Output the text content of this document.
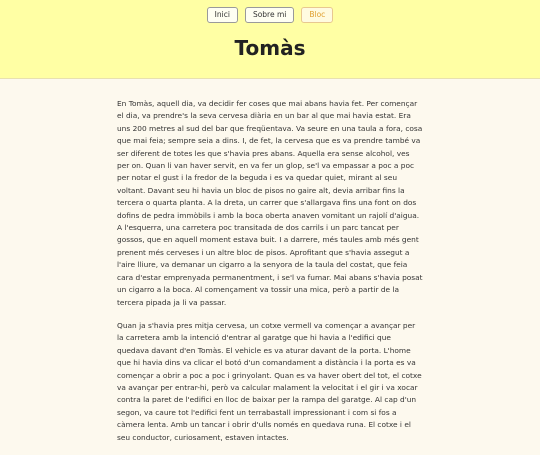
Inici	Sobre mi	Bloc
Tomàs

En Tomàs, aquell dia, va decidir fer coses que mai abans havia fet. Per començar el dia, va prendre's la seva cervesa diària en un bar al que mai havia estat. Era uns 200 metres al sud del bar que freqüentava. Va seure en una taula a fora, cosa que mai feia; sempre seia a dins. I, de fet, la cervesa que es va prendre també va ser diferent de totes les que s'havia pres abans. Aquella era sense alcohol, ves per on. Quan li van haver servit, en va fer un glop, se'l va empassar a poc a poc per notar el gust i la fredor de la beguda i es va quedar quiet, mirant al seu voltant. Davant seu hi havia un bloc de pisos no gaire alt, devia arribar fins la tercera o quarta planta. A la dreta, un carrer que s'allargava fins una font on dos dofins de pedra immòbils i amb la boca oberta anaven vomitant un rajolí d'aigua. A l'esquerra, una carretera poc transitada de dos carrils i un parc tancat per gossos, que en aquell moment estava buit. I a darrere, més taules amb més gent prenent més cerveses i un altre bloc de pisos. Aprofitant que s'havia assegut a l'aire lliure, va demanar un cigarro a la senyora de la taula del costat, que feia cara d'estar emprenyada permanentment, i se'l va fumar. Mai abans s'havia posat un cigarro a la boca. Al començament va tossir una mica, però a partir de la tercera pipada ja li va passar.

Quan ja s'havia pres mitja cervesa, un cotxe vermell va començar a avançar per la carretera amb la intenció d'entrar al garatge que hi havia a l'edifici que quedava davant d'en Tomàs. El vehicle es va aturar davant de la porta. L'home que hi havia dins va clicar el botó d'un comandament a distància i la porta es va començar a obrir a poc a poc i grinyolant. Quan es va haver obert del tot, el cotxe va avançar per entrar-hi, però va calcular malament la velocitat i el gir i va xocar contra la paret de l'edifici en lloc de baixar per la rampa del garatge. Al cap d'un segon, va caure tot l'edifici fent un terrabastall impressionant i com si fos a càmera lenta. Amb un tancar i obrir d'ulls només en quedava runa. El cotxe i el seu conductor, curiosament, estaven intactes.
